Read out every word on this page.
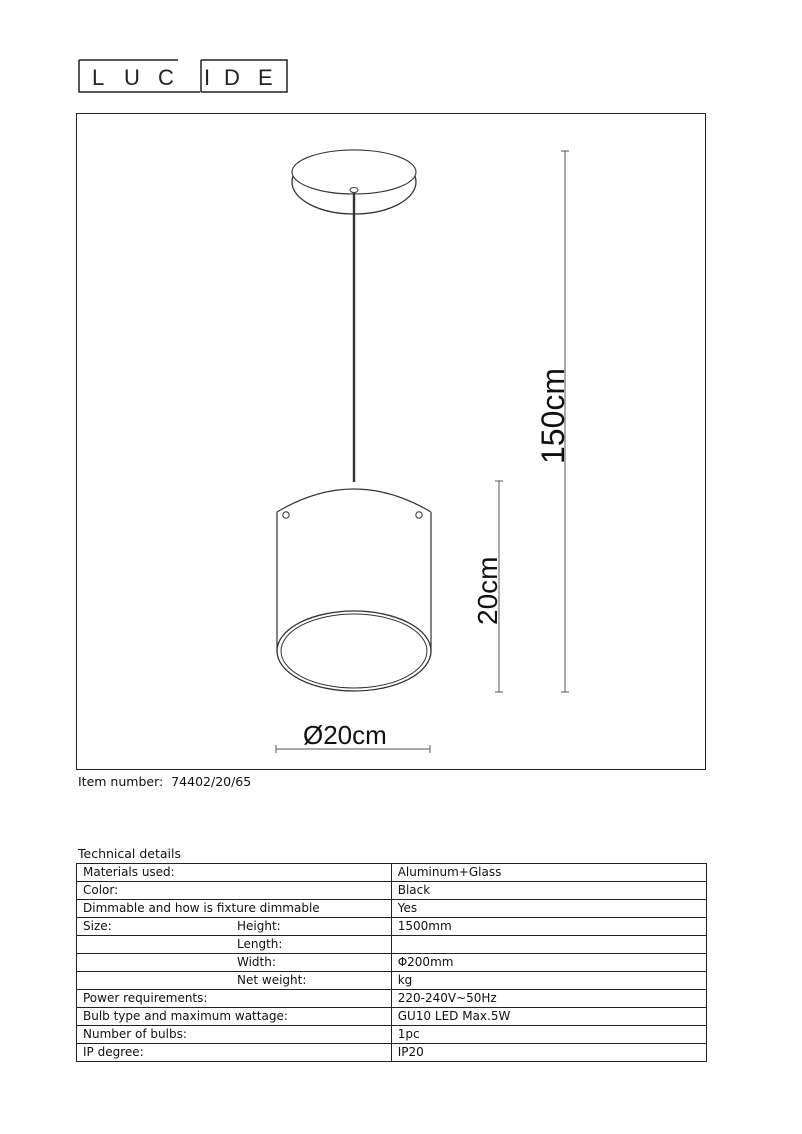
L U C I D E
150cm
20cm
Ø20cm
Item number: 74402/20/65
Technical details
Materials used:	Aluminum+Glass
Color:	Black
Dimmable and how is fixture dimmable	Yes
Size: Height:	1500mm

Length:	

Width:	Φ200mm

Net weight:	kg
Power requirements:	220-240V~50Hz
Bulb type and maximum wattage:	GU10 LED Max.5W
Number of bulbs:	1pc
IP degree:	IP20
